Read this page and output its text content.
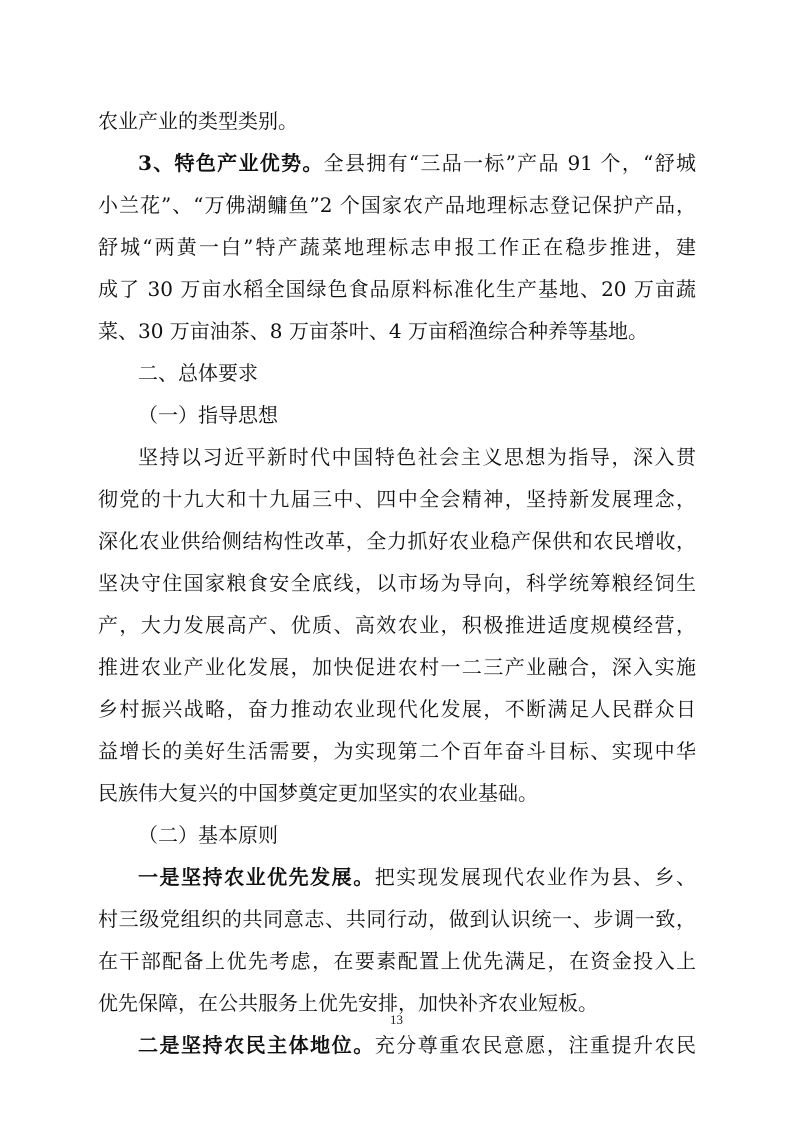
农业产业的类型类别。
3、特色产业优势。全县拥有“三品一标”产品 91 个，“舒城
小兰花”、“万佛湖鳙鱼”2 个国家农产品地理标志登记保护产品，
舒城“两黄一白”特产蔬菜地理标志申报工作正在稳步推进，建
成了 30 万亩水稻全国绿色食品原料标准化生产基地、20 万亩蔬
菜、30 万亩油茶、8 万亩茶叶、4 万亩稻渔综合种养等基地。
二、总体要求
（一）指导思想
坚持以习近平新时代中国特色社会主义思想为指导，深入贯
彻党的十九大和十九届三中、四中全会精神，坚持新发展理念，
深化农业供给侧结构性改革，全力抓好农业稳产保供和农民增收，
坚决守住国家粮食安全底线，以市场为导向，科学统筹粮经饲生
产，大力发展高产、优质、高效农业，积极推进适度规模经营，
推进农业产业化发展，加快促进农村一二三产业融合，深入实施
乡村振兴战略，奋力推动农业现代化发展，不断满足人民群众日
益增长的美好生活需要，为实现第二个百年奋斗目标、实现中华
民族伟大复兴的中国梦奠定更加坚实的农业基础。
（二）基本原则
一是坚持农业优先发展。把实现发展现代农业作为县、乡、
村三级党组织的共同意志、共同行动，做到认识统一、步调一致，
在干部配备上优先考虑，在要素配置上优先满足，在资金投入上
优先保障，在公共服务上优先安排，加快补齐农业短板。
二是坚持农民主体地位。充分尊重农民意愿，注重提升农民
13
